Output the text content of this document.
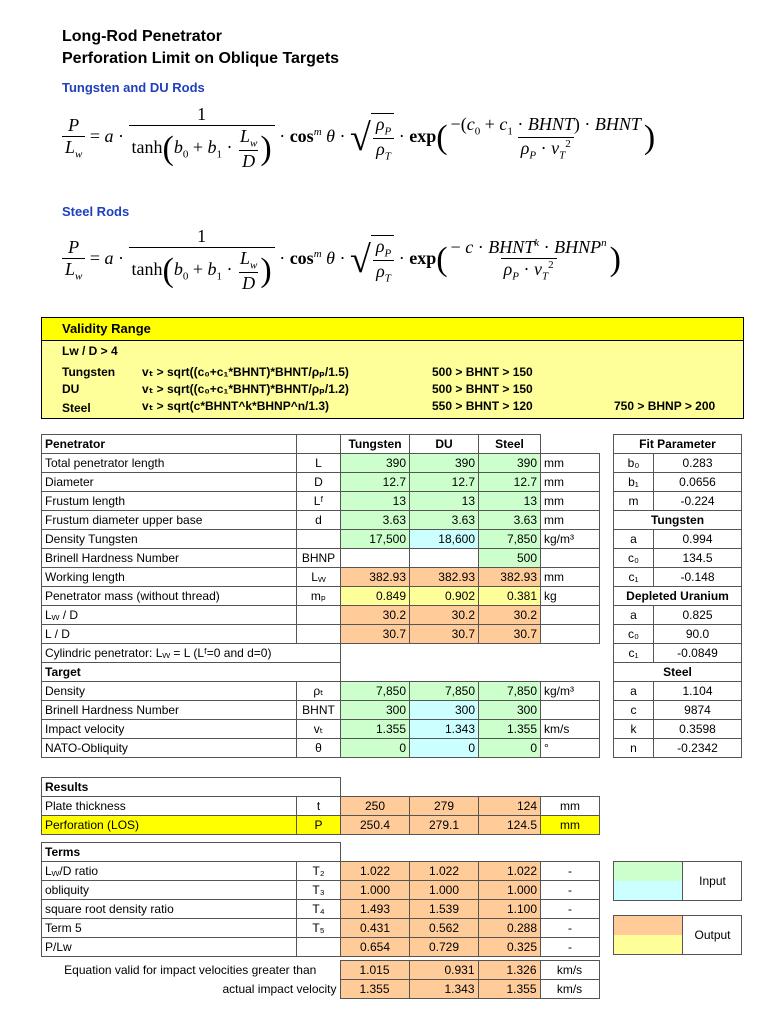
Long-Rod Penetrator
Perforation Limit on Oblique Targets
Tungsten and DU Rods
$\frac{P}{L_w} = a \cdot \frac{1}{\tanh(b_0 + b_1 \cdot \frac{L_w}{D} )} \cdot \cos^m \theta$ · √ $\frac{\rho_P}{\rho_T} \cdot \exp( \frac{-(c_0 + c_1 \cdot BHNT) \cdot BHNT}{\rho_P \cdot v_T^2}$ )
Steel Rods
$\frac{P}{L_w} = a \cdot \frac{1}{\tanh(b_0 + b_1 \cdot \frac{L_w}{D} )} \cdot \cos^m \theta$ · √ $\frac{\rho_P}{\rho_T} \cdot \exp( \frac{- c \cdot BHNT^k \cdot BHNP^n}{\rho_P \cdot v_T^2}$ )
Validity Range
Lw / D > 4
Tungsten vₜ > sqrt((c₀+c₁*BHNT)*BHNT/ρₚ/1.5)	500 > BHNT > 150
DU	vₜ > sqrt((c₀+c₁*BHNT)*BHNT/ρₚ/1.2)	500 > BHNT > 150
Steel	vₜ > sqrt(c*BHNT^k*BHNP^n/1.3)	550 > BHNT > 120	750 > BHNP > 200
Penetrator		Tungsten	DU	Steel	
Total penetrator length	L	390	390	390	mm
Diameter	D	12.7	12.7	12.7	mm
Frustum length	Lᶠ	13	13	13	mm
Frustum diameter upper base	d	3.63	3.63	3.63	mm
Density Tungsten		17,500	18,600	7,850	kg/m³
Brinell Hardness Number	BHNP			500	
Working length	Lᵥᵥ	382.93	382.93	382.93	mm
Penetrator mass (without thread)	mₚ	0.849	0.902	0.381	kg
Lᵥᵥ / D		30.2	30.2	30.2	
L / D		30.7	30.7	30.7	
Cylindric penetrator: Lᵥᵥ = L (Lᶠ=0 and d=0)					
Target					
Density	ρₜ	7,850	7,850	7,850	kg/m³
Brinell Hardness Number	BHNT	300	300	300	
Impact velocity	vₜ	1.355	1.343	1.355	km/s
NATO-Obliquity	θ	0	0	0	°
Fit Parameter	
b₀	0.283
b₁	0.0656
m	-0.224
Tungsten	
a	0.994
c₀	134.5
c₁	-0.148
Depleted Uranium	
a	0.825
c₀	90.0
c₁	-0.0849
Steel	
a	1.104
c	9874
k	0.3598
n	-0.2342
Results					
Plate thickness	t	250	279	124	mm
Perforation (LOS)	P	250.4	279.1	124.5	mm
Terms					
Lᵥᵥ/D ratio	T₂	1.022	1.022	1.022	-
obliquity	T₃	1.000	1.000	1.000	-
square root density ratio	T₄	1.493	1.539	1.100	-
Term 5	T₅	0.431	0.562	0.288	-
P/Lw		0.654	0.729	0.325	-
Input
Output
Equation valid for impact velocities greater than	1.015	0.931	1.326	km/s
actual impact velocity	1.355	1.343	1.355	km/s
